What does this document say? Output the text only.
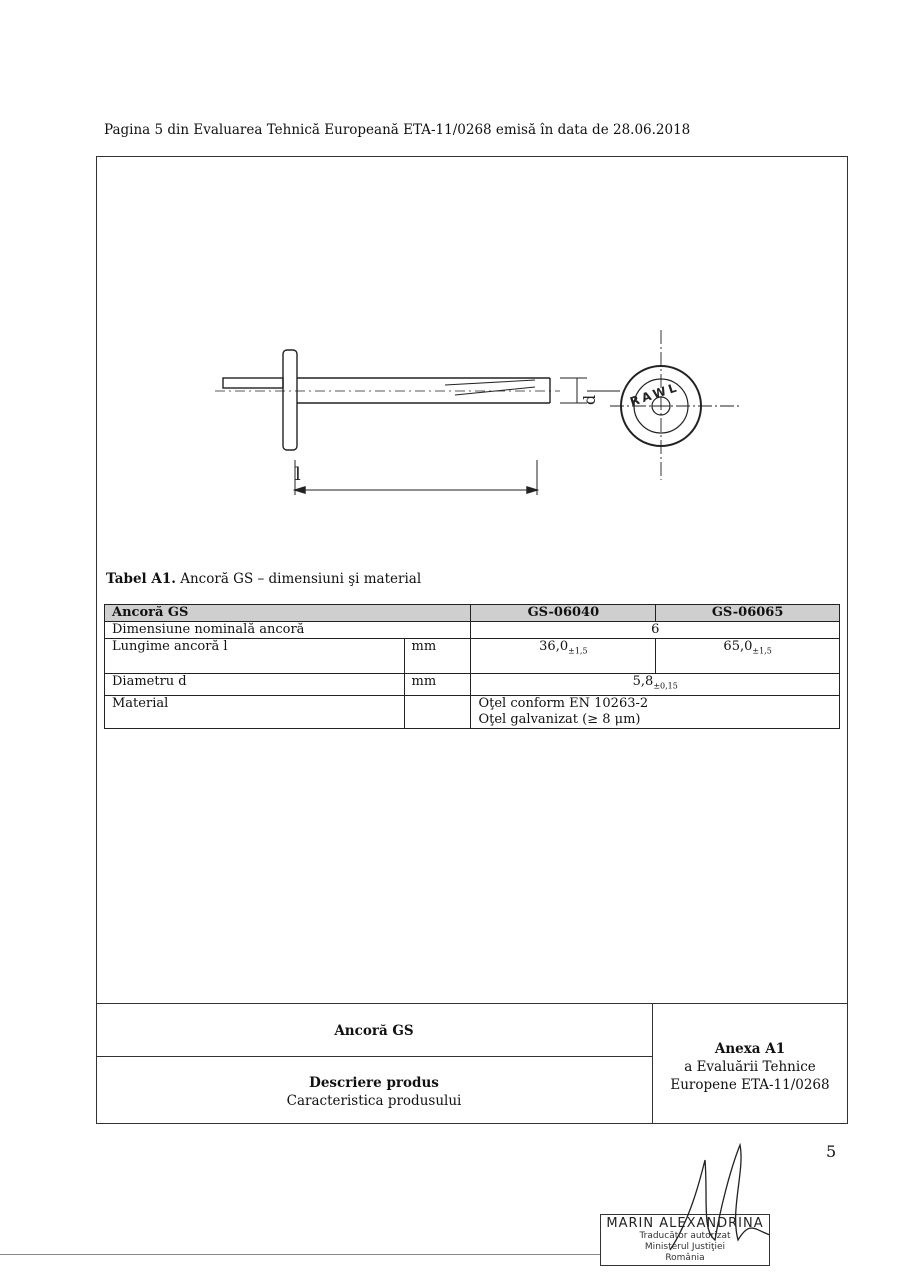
Pagina 5 din Evaluarea Tehnică Europeană ETA-11/0268 emisă în data de 28.06.2018
l
d RAWL
Tabel A1. Ancoră GS – dimensiuni şi material
Ancoră GS		GS-06040	GS-06065
Dimensiune nominală ancoră		6	
Lungime ancoră l	mm	$36,0_{\pm 1,5}$	$65,0_{\pm 1,5}$
Diametru d	mm	$5,8_{\pm 0,15}$
Material		Oţel conform EN 10263-2
Oţel galvanizat (≥ 8 μm)	
Ancoră GS
Descriere produs
Caracteristica produsului
Anexa A1
a Evaluării Tehnice
Europene ETA-11/0268
5
MARIN ALEXANDRINA
Traducător autorizat
Ministerul Justiţiei
România
